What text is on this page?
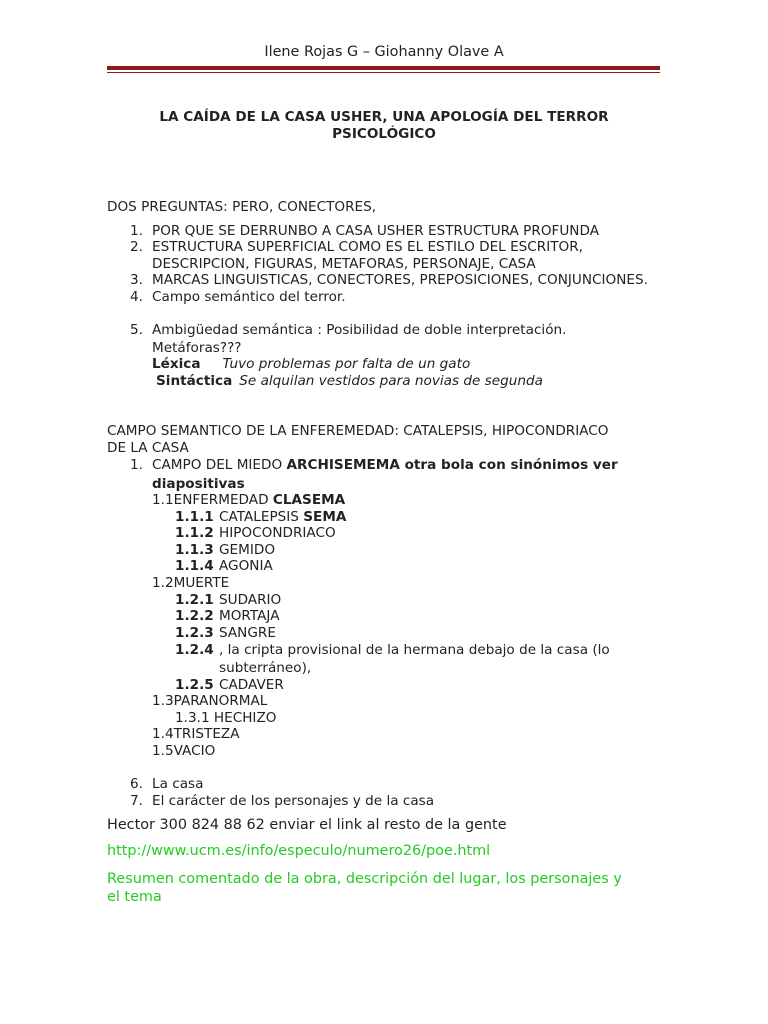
Ilene Rojas G – Giohanny Olave A
LA CAÍDA DE LA CASA USHER, UNA APOLOGÍA DEL TERROR
PSICOLÓGICO
DOS PREGUNTAS: PERO, CONECTORES,
1. POR QUE SE DERRUNBO A CASA USHER ESTRUCTURA PROFUNDA
2. ESTRUCTURA SUPERFICIAL COMO ES EL ESTILO DEL ESCRITOR,
DESCRIPCION, FIGURAS, METAFORAS, PERSONAJE, CASA
3. MARCAS LINGUISTICAS, CONECTORES, PREPOSICIONES, CONJUNCIONES.
4. Campo semántico del terror.
5. Ambigüedad semántica : Posibilidad de doble interpretación.
Metáforas???
Léxica Tuvo problemas por falta de un gato
Sintáctica Se alquilan vestidos para novias de segunda
CAMPO SEMANTICO DE LA ENFEREMEDAD: CATALEPSIS, HIPOCONDRIACO
DE LA CASA
1. CAMPO DEL MIEDO ARCHISEMEMA otra bola con sinónimos ver
diapositivas
1.1ENFERMEDAD CLASEMA
1.1.1 CATALEPSIS SEMA
1.1.2 HIPOCONDRIACO
1.1.3 GEMIDO
1.1.4 AGONIA
1.2MUERTE
1.2.1 SUDARIO
1.2.2 MORTAJA
1.2.3 SANGRE
1.2.4 , la cripta provisional de la hermana debajo de la casa (lo
subterráneo),
1.2.5 CADAVER
1.3PARANORMAL
1.3.1 HECHIZO
1.4TRISTEZA
1.5VACIO
6. La casa
7. El carácter de los personajes y de la casa
Hector 300 824 88 62 enviar el link al resto de la gente
http://www.ucm.es/info/especulo/numero26/poe.html
Resumen comentado de la obra, descripción del lugar, los personajes y
el tema
